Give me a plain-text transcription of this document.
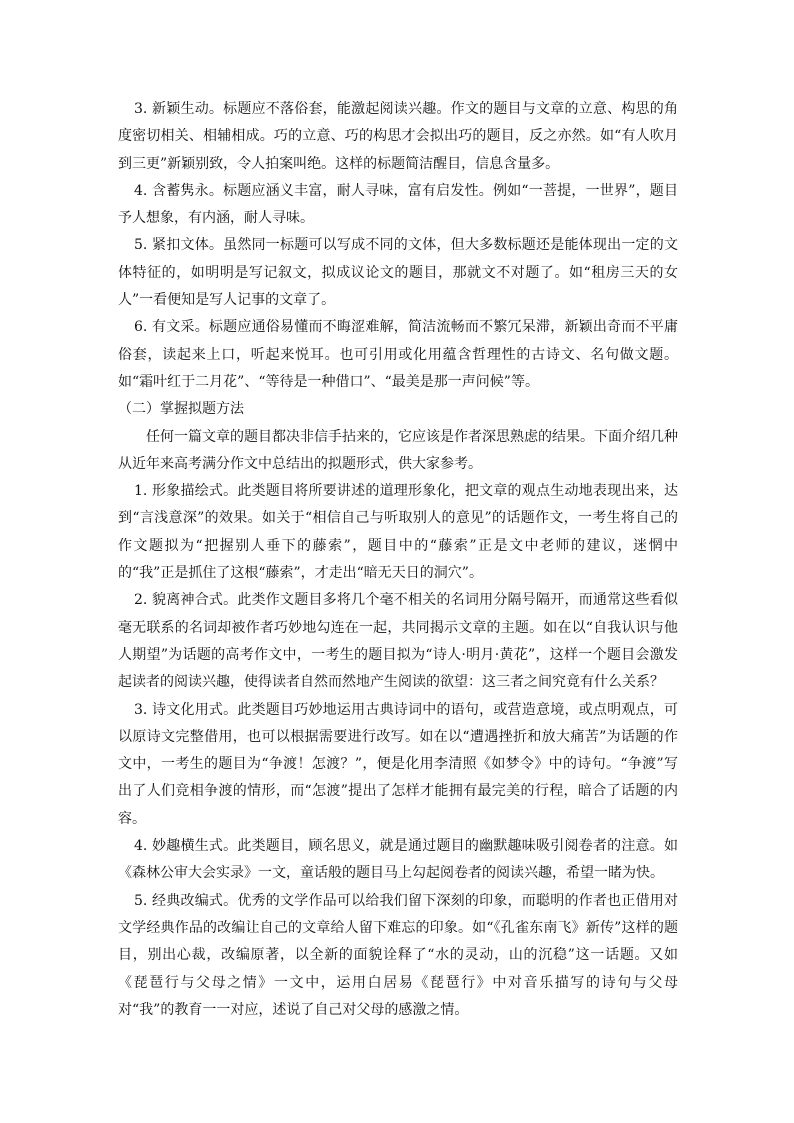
3. 新颖生动。标题应不落俗套，能激起阅读兴趣。作文的题目与文章的立意、构思的角度密切相关、相辅相成。巧的立意、巧的构思才会拟出巧的题目，反之亦然。如“有人吹月到三更”新颖别致，令人拍案叫绝。这样的标题简洁醒目，信息含量多。

4. 含蓄隽永。标题应涵义丰富，耐人寻味，富有启发性。例如“一菩提，一世界”，题目予人想象，有内涵，耐人寻味。

5. 紧扣文体。虽然同一标题可以写成不同的文体，但大多数标题还是能体现出一定的文体特征的，如明明是写记叙文，拟成议论文的题目，那就文不对题了。如“租房三天的女人”一看便知是写人记事的文章了。

6. 有文采。标题应通俗易懂而不晦涩难解，简洁流畅而不繁冗呆滞，新颖出奇而不平庸俗套，读起来上口，听起来悦耳。也可引用或化用蕴含哲理性的古诗文、名句做文题。如“霜叶红于二月花”、“等待是一种借口”、“最美是那一声问候”等。

（二）掌握拟题方法

任何一篇文章的题目都决非信手拈来的，它应该是作者深思熟虑的结果。下面介绍几种从近年来高考满分作文中总结出的拟题形式，供大家参考。

1. 形象描绘式。此类题目将所要讲述的道理形象化，把文章的观点生动地表现出来，达到“言浅意深”的效果。如关于“相信自己与听取别人的意见”的话题作文，一考生将自己的作文题拟为“把握别人垂下的藤索”，题目中的“藤索”正是文中老师的建议，迷惘中的“我”正是抓住了这根“藤索”，才走出“暗无天日的洞穴”。

2. 貌离神合式。此类作文题目多将几个毫不相关的名词用分隔号隔开，而通常这些看似毫无联系的名词却被作者巧妙地勾连在一起，共同揭示文章的主题。如在以“自我认识与他人期望”为话题的高考作文中，一考生的题目拟为“诗人·明月·黄花”，这样一个题目会激发起读者的阅读兴趣，使得读者自然而然地产生阅读的欲望：这三者之间究竟有什么关系？

3. 诗文化用式。此类题目巧妙地运用古典诗词中的语句，或营造意境，或点明观点，可以原诗文完整借用，也可以根据需要进行改写。如在以“遭遇挫折和放大痛苦”为话题的作文中，一考生的题目为“争渡！怎渡？”，便是化用李清照《如梦令》中的诗句。“争渡”写出了人们竞相争渡的情形，而“怎渡”提出了怎样才能拥有最完美的行程，暗合了话题的内容。

4. 妙趣横生式。此类题目，顾名思义，就是通过题目的幽默趣味吸引阅卷者的注意。如《森林公审大会实录》一文，童话般的题目马上勾起阅卷者的阅读兴趣，希望一睹为快。

5. 经典改编式。优秀的文学作品可以给我们留下深刻的印象，而聪明的作者也正借用对文学经典作品的改编让自己的文章给人留下难忘的印象。如“《孔雀东南飞》新传”这样的题目，别出心裁，改编原著，以全新的面貌诠释了“水的灵动，山的沉稳”这一话题。又如《琵琶行与父母之情》一文中，运用白居易《琵琶行》中对音乐描写的诗句与父母对“我”的教育一一对应，述说了自己对父母的感激之情。
